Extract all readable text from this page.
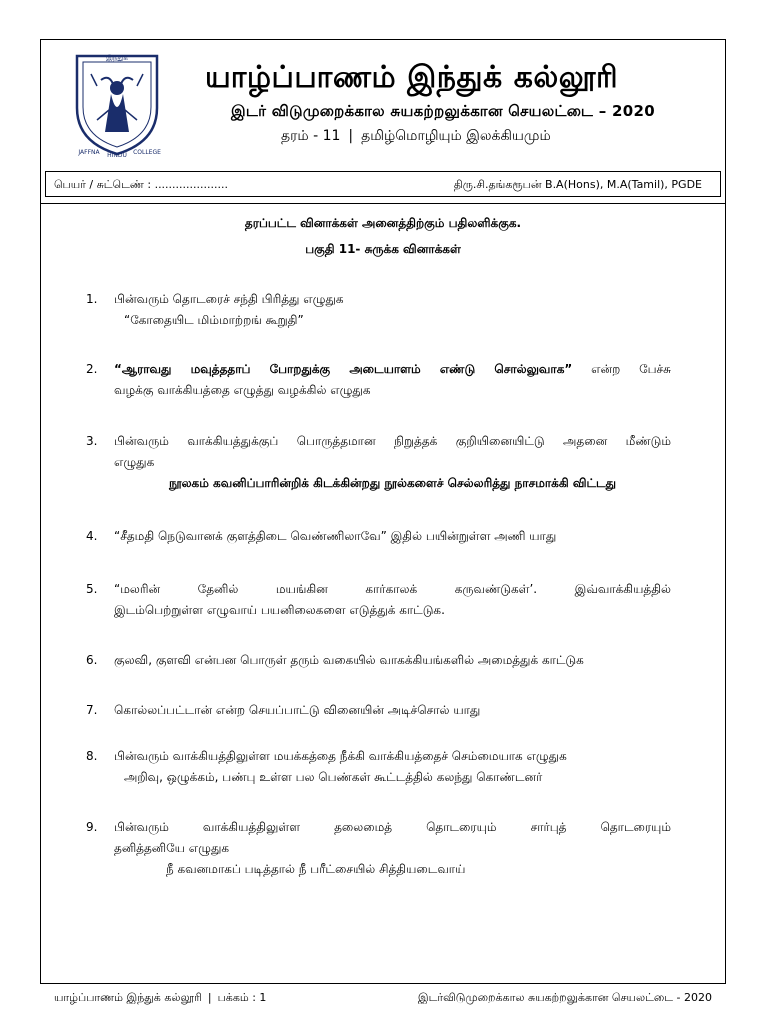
இந்துக்
JAFFNA HINDU COLLEGE
யாழ்ப்பாணம் இந்துக் கல்லூரி
இடர் விடுமுறைக்கால சுயகற்றலுக்கான செயலட்டை – 2020
தரம் - 11 | தமிழ்மொழியும் இலக்கியமும்
பெயர் / சுட்டெண் : .....................	திரு.சி.தங்கரூபன் B.A(Hons), M.A(Tamil), PGDE
தரப்பட்ட வினாக்கள் அனைத்திற்கும் பதிலளிக்குக.
பகுதி 11- சுருக்க வினாக்கள்
1. பின்வரும் தொடரைச் சந்தி பிரித்து எழுதுக
“கோதையிட மிம்மாற்றங் கூறுதி”
2. “ஆராவது மவுத்ததாப் போறதுக்கு அடையாளம் எண்டு சொல்லுவாக” என்ற பேச்சு
வழக்கு வாக்கியத்தை எழுத்து வழக்கில் எழுதுக
3. பின்வரும் வாக்கியத்துக்குப் பொருத்தமான நிறுத்தக் குறியினையிட்டு அதனை மீண்டும்
எழுதுக
நூலகம் கவனிப்பாரின்றிக் கிடக்கின்றது நூல்களைச் செல்லரித்து நாசமாக்கி விட்டது
4. “சீதமதி நெடுவானக் குளத்திடை வெண்ணிலாவே” இதில் பயின்றுள்ள அணி யாது
5. “மலரின் தேனில் மயங்கின கார்காலக் கருவண்டுகள்’. இவ்வாக்கியத்தில்
இடம்பெற்றுள்ள எழுவாய் பயனிலைகளை எடுத்துக் காட்டுக.
6. குலவி, குளவி என்பன பொருள் தரும் வகையில் வாகக்கியங்களில் அமைத்துக் காட்டுக
7. கொல்லப்பட்டான் என்ற செயப்பாட்டு வினையின் அடிச்சொல் யாது
8. பின்வரும் வாக்கியத்திலுள்ள மயக்கத்தை நீக்கி வாக்கியத்தைச் செம்மையாக எழுதுக
அறிவு, ஒழுக்கம், பண்பு உள்ள பல பெண்கள் கூட்டத்தில் கலந்து கொண்டனர்
9. பின்வரும் வாக்கியத்திலுள்ள தலைமைத் தொடரையும் சார்புத் தொடரையும்
தனித்தனியே எழுதுக
நீ கவனமாகப் படித்தால் நீ பரீட்சையில் சித்தியடைவாய்
யாழ்ப்பாணம் இந்துக் கல்லூரி | பக்கம் : 1	இடர்விடுமுறைக்கால சுயகற்றலுக்கான செயலட்டை - 2020
